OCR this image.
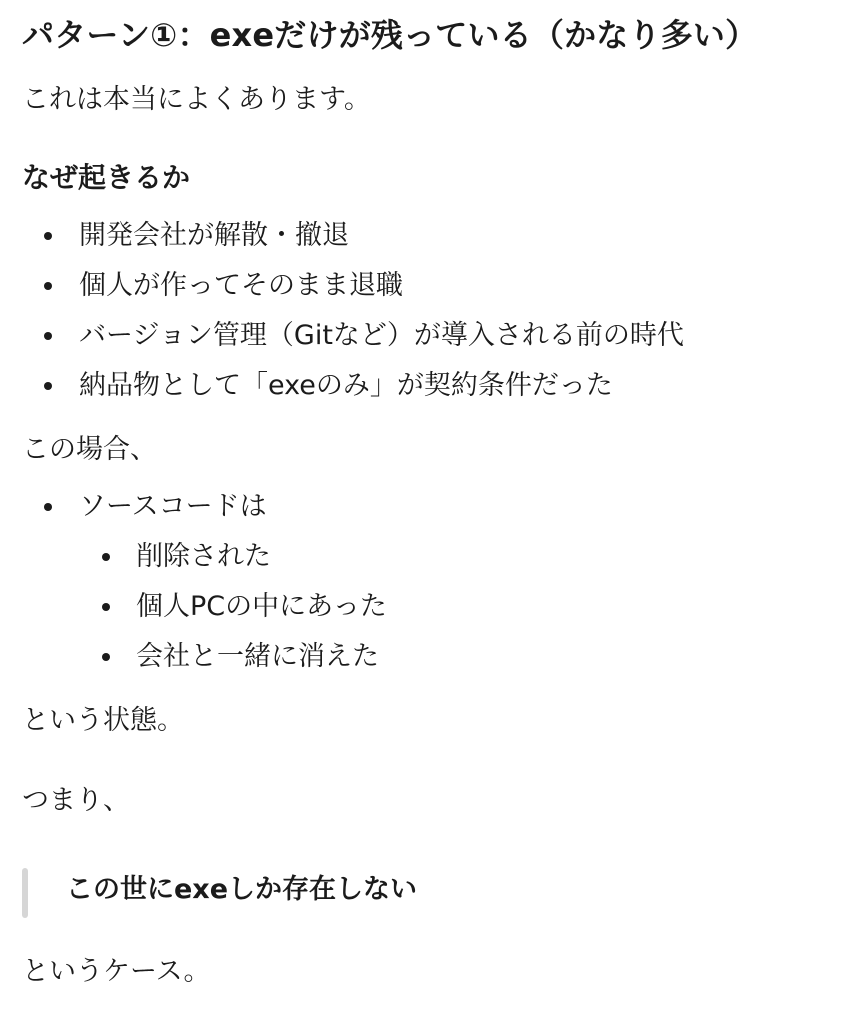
パターン①：exeだけが残っている（かなり多い）

これは本当によくあります。

なぜ起きるか
開発会社が解散・撤退
個人が作ってそのまま退職
バージョン管理（Gitなど）が導入される前の時代
納品物として「exeのみ」が契約条件だった

この場合、

ソースコードは
削除された
個人PCの中にあった
会社と一緒に消えた

という状態。

つまり、

この世にexeしか存在しない

というケース。
